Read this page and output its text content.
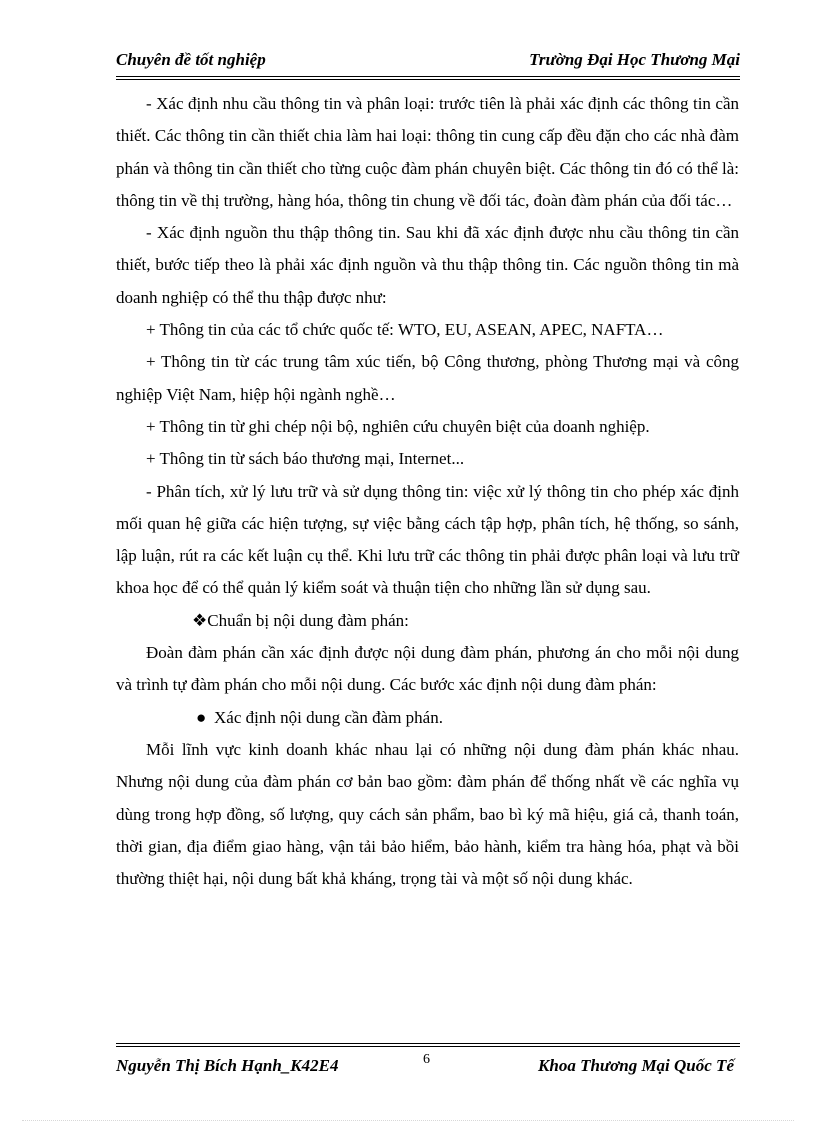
Chuyên đề tốt nghiệp	Trường Đại Học Thương Mại

- Xác định nhu cầu thông tin và phân loại: trước tiên là phải xác định các thông tin cần thiết. Các thông tin cần thiết chia làm hai loại: thông tin cung cấp đều đặn cho các nhà đàm phán và thông tin cần thiết cho từng cuộc đàm phán chuyên biệt. Các thông tin đó có thể là: thông tin về thị trường, hàng hóa, thông tin chung về đối tác, đoàn đàm phán của đối tác…

- Xác định nguồn thu thập thông tin. Sau khi đã xác định được nhu cầu thông tin cần thiết, bước tiếp theo là phải xác định nguồn và thu thập thông tin. Các nguồn thông tin mà doanh nghiệp có thể thu thập được như:

+ Thông tin của các tổ chức quốc tế: WTO, EU, ASEAN, APEC, NAFTA…

+ Thông tin từ các trung tâm xúc tiến, bộ Công thương, phòng Thương mại và công nghiệp Việt Nam, hiệp hội ngành nghề…

+ Thông tin từ ghi chép nội bộ, nghiên cứu chuyên biệt của doanh nghiệp.

+ Thông tin từ sách báo thương mại, Internet...

- Phân tích, xử lý lưu trữ và sử dụng thông tin: việc xử lý thông tin cho phép xác định mối quan hệ giữa các hiện tượng, sự việc bằng cách tập hợp, phân tích, hệ thống, so sánh, lập luận, rút ra các kết luận cụ thể. Khi lưu trữ các thông tin phải được phân loại và lưu trữ khoa học để có thể quản lý kiểm soát và thuận tiện cho những lần sử dụng sau.

❖Chuẩn bị nội dung đàm phán:

Đoàn đàm phán cần xác định được nội dung đàm phán, phương án cho mỗi nội dung và trình tự đàm phán cho mỗi nội dung. Các bước xác định nội dung đàm phán:

● Xác định nội dung cần đàm phán.

Mỗi lĩnh vực kinh doanh khác nhau lại có những nội dung đàm phán khác nhau. Nhưng nội dung của đàm phán cơ bản bao gồm: đàm phán để thống nhất về các nghĩa vụ dùng trong hợp đồng, số lượng, quy cách sản phẩm, bao bì ký mã hiệu, giá cả, thanh toán, thời gian, địa điểm giao hàng, vận tải bảo hiểm, bảo hành, kiểm tra hàng hóa, phạt và bồi thường thiệt hại, nội dung bất khả kháng, trọng tài và một số nội dung khác.

Nguyễn Thị Bích Hạnh_K42E4	6	Khoa Thương Mại Quốc Tế
